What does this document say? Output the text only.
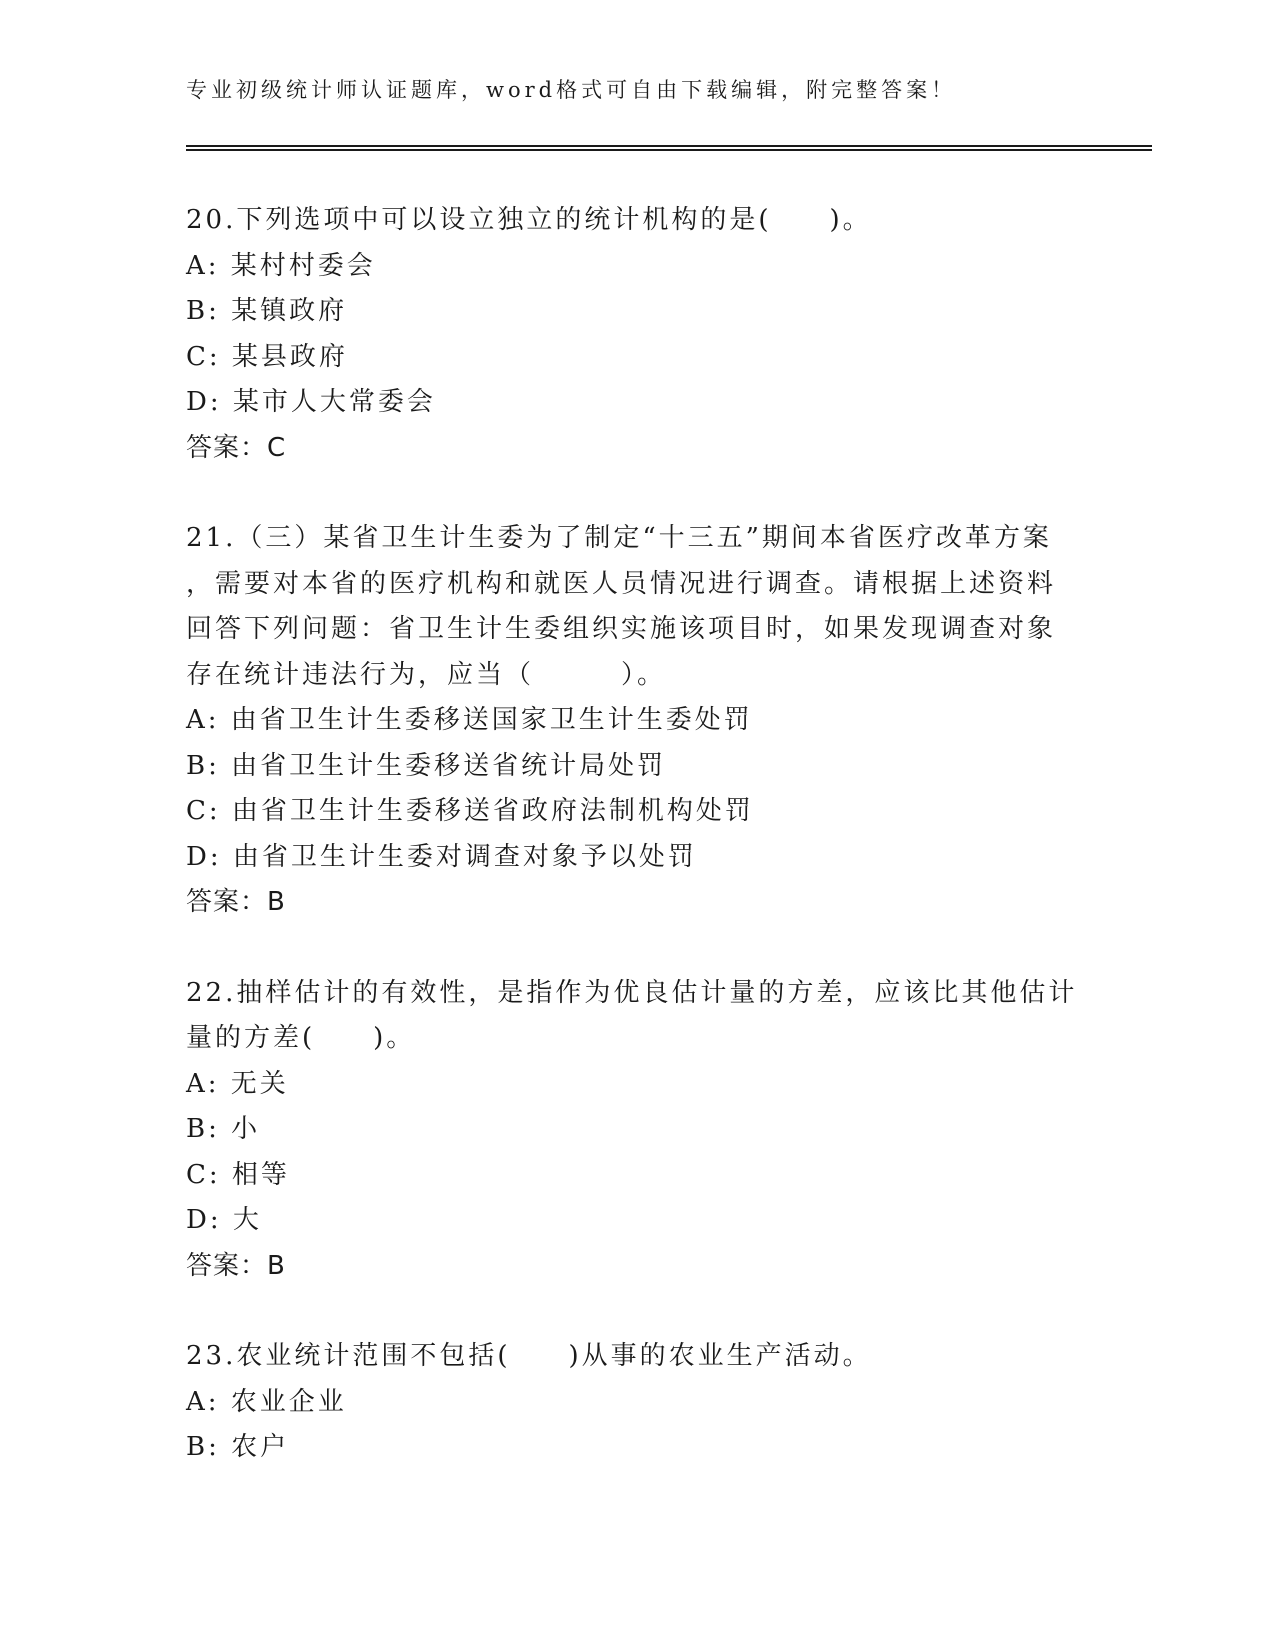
专业初级统计师认证题库，word格式可自由下载编辑，附完整答案！
20.下列选项中可以设立独立的统计机构的是(　　)。
A: 某村村委会
B: 某镇政府
C: 某县政府
D: 某市人大常委会
答案：C
21.（三）某省卫生计生委为了制定“十三五”期间本省医疗改革方案
，需要对本省的医疗机构和就医人员情况进行调查。请根据上述资料
回答下列问题：省卫生计生委组织实施该项目时，如果发现调查对象
存在统计违法行为，应当（　　　）。
A: 由省卫生计生委移送国家卫生计生委处罚
B: 由省卫生计生委移送省统计局处罚
C: 由省卫生计生委移送省政府法制机构处罚
D: 由省卫生计生委对调查对象予以处罚
答案：B
22.抽样估计的有效性，是指作为优良估计量的方差，应该比其他估计
量的方差(　　)。
A: 无关
B: 小
C: 相等
D: 大
答案：B
23.农业统计范围不包括(　　)从事的农业生产活动。
A: 农业企业
B: 农户
